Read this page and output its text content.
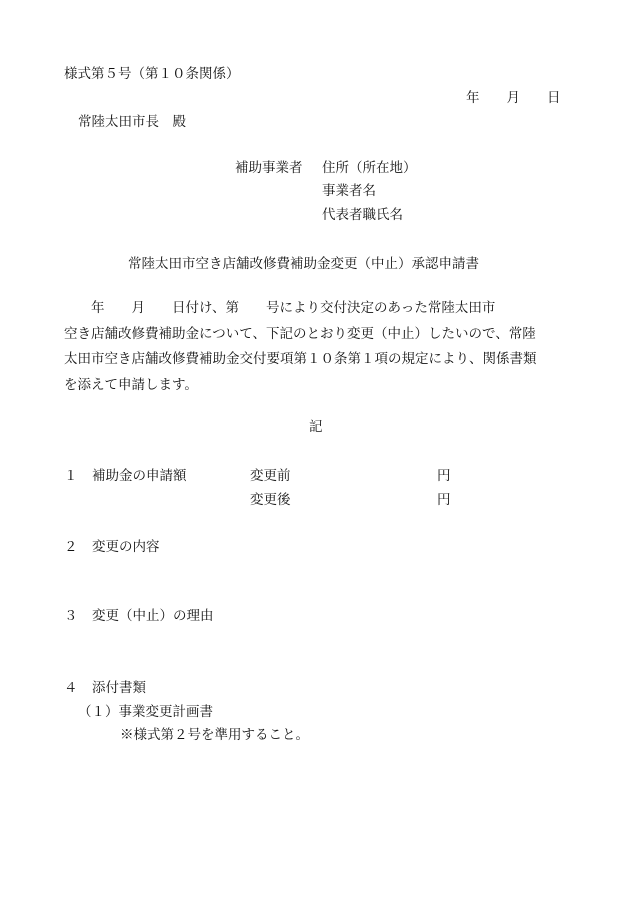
様式第５号（第１０条関係）
年　　月　　日
常陸太田市長　殿
補助事業者 住所（所在地）
事業者名
代表者職氏名
常陸太田市空き店舗改修費補助金変更（中止）承認申請書
　　年　　月　　日付け、第　　号により交付決定のあった常陸太田市
空き店舗改修費補助金について、下記のとおり変更（中止）したいので、常陸
太田市空き店舗改修費補助金交付要項第１０条第１項の規定により、関係書類
を添えて申請します。
記
１ 補助金の申請額	変更前	円
変更後	円
２ 変更の内容
３ 変更（中止）の理由
４ 添付書類
（１）事業変更計画書
※様式第２号を準用すること。
